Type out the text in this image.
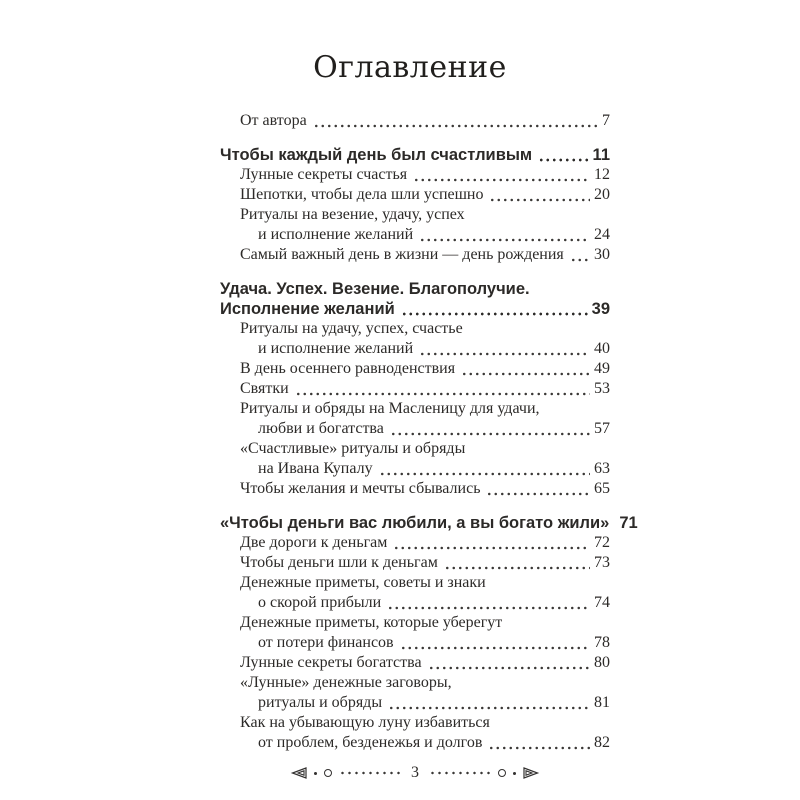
Оглавление
От автора	7
Чтобы каждый день был счастливым	11
Лунные секреты счастья	12
Шепотки, чтобы дела шли успешно	20
Ритуалы на везение, удачу, успех
и исполнение желаний	24
Самый важный день в жизни — день рождения 30
Удача. Успех. Везение. Благополучие.
Исполнение желаний	39
Ритуалы на удачу, успех, счастье
и исполнение желаний	40
В день осеннего равноденствия	49
Святки	53
Ритуалы и обряды на Масленицу для удачи,
любви и богатства	57
«Счастливые» ритуалы и обряды
на Ивана Купалу	63
Чтобы желания и мечты сбывались	65
«Чтобы деньги вас любили, а вы богато жили» 71
Две дороги к деньгам	72
Чтобы деньги шли к деньгам	73
Денежные приметы, советы и знаки
о скорой прибыли	74
Денежные приметы, которые уберегут
от потери финансов	78
Лунные секреты богатства	80
«Лунные» денежные заговоры,
ритуалы и обряды	81
Как на убывающую луну избавиться
от проблем, безденежья и долгов	82
3
